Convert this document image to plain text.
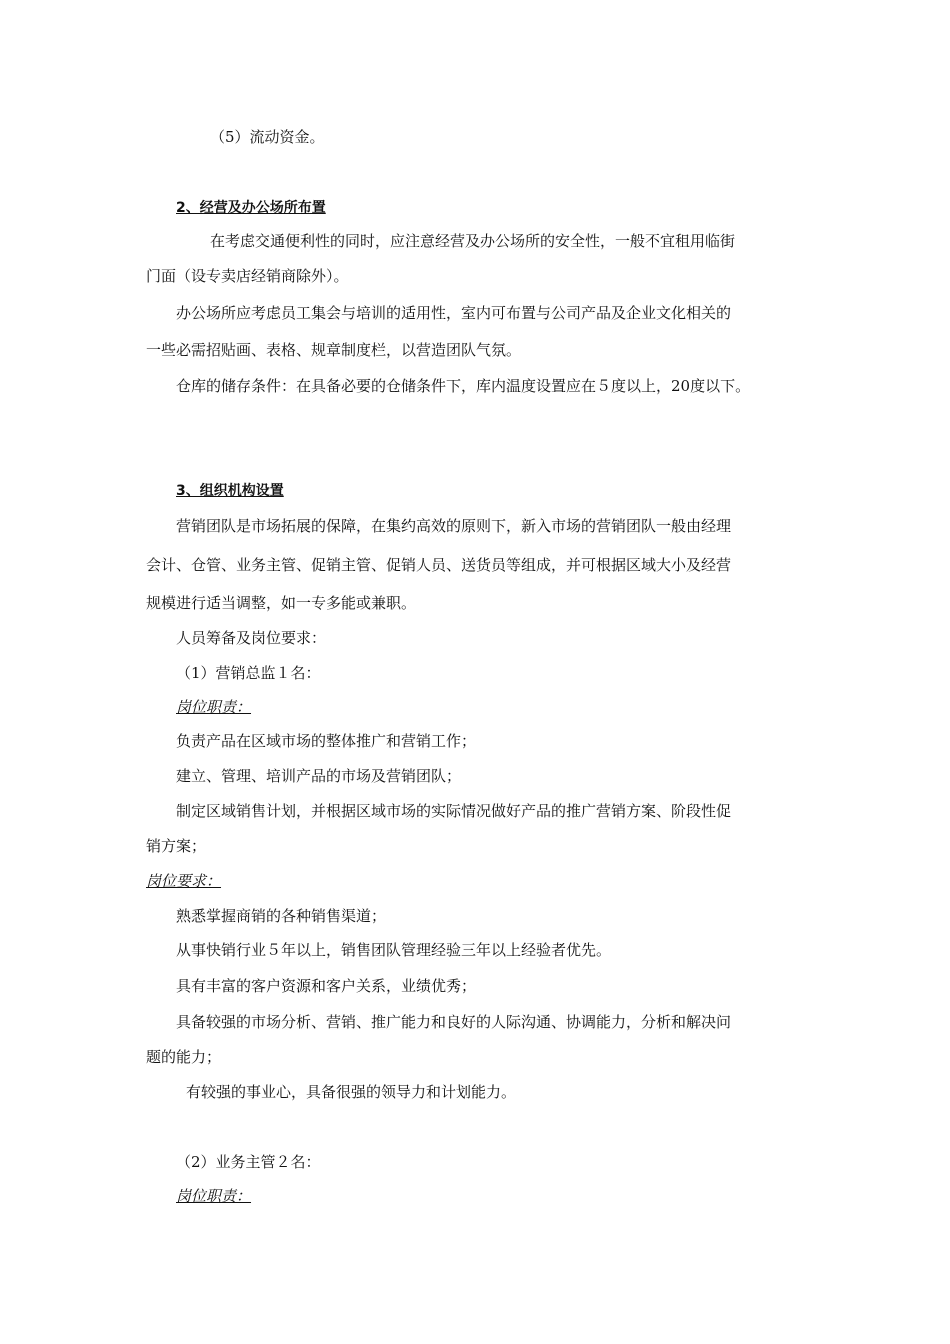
（5）流动资金。
2、经营及办公场所布置
在考虑交通便利性的同时，应注意经营及办公场所的安全性，一般不宜租用临街
门面（设专卖店经销商除外）。
办公场所应考虑员工集会与培训的适用性，室内可布置与公司产品及企业文化相关的
一些必需招贴画、表格、规章制度栏，以营造团队气氛。
仓库的储存条件：在具备必要的仓储条件下，库内温度设置应在５度以上，20度以下。
3、组织机构设置
营销团队是市场拓展的保障，在集约高效的原则下，新入市场的营销团队一般由经理
会计、仓管、业务主管、促销主管、促销人员、送货员等组成，并可根据区域大小及经营
规模进行适当调整，如一专多能或兼职。
人员筹备及岗位要求：
（1）营销总监１名：
岗位职责：
负责产品在区域市场的整体推广和营销工作；
建立、管理、培训产品的市场及营销团队；
制定区域销售计划，并根据区域市场的实际情况做好产品的推广营销方案、阶段性促
销方案；
岗位要求：
熟悉掌握商销的各种销售渠道；
从事快销行业５年以上，销售团队管理经验三年以上经验者优先。
具有丰富的客户资源和客户关系，业绩优秀；
具备较强的市场分析、营销、推广能力和良好的人际沟通、协调能力，分析和解决问
题的能力；
有较强的事业心，具备很强的领导力和计划能力。
（2）业务主管２名：
岗位职责：
